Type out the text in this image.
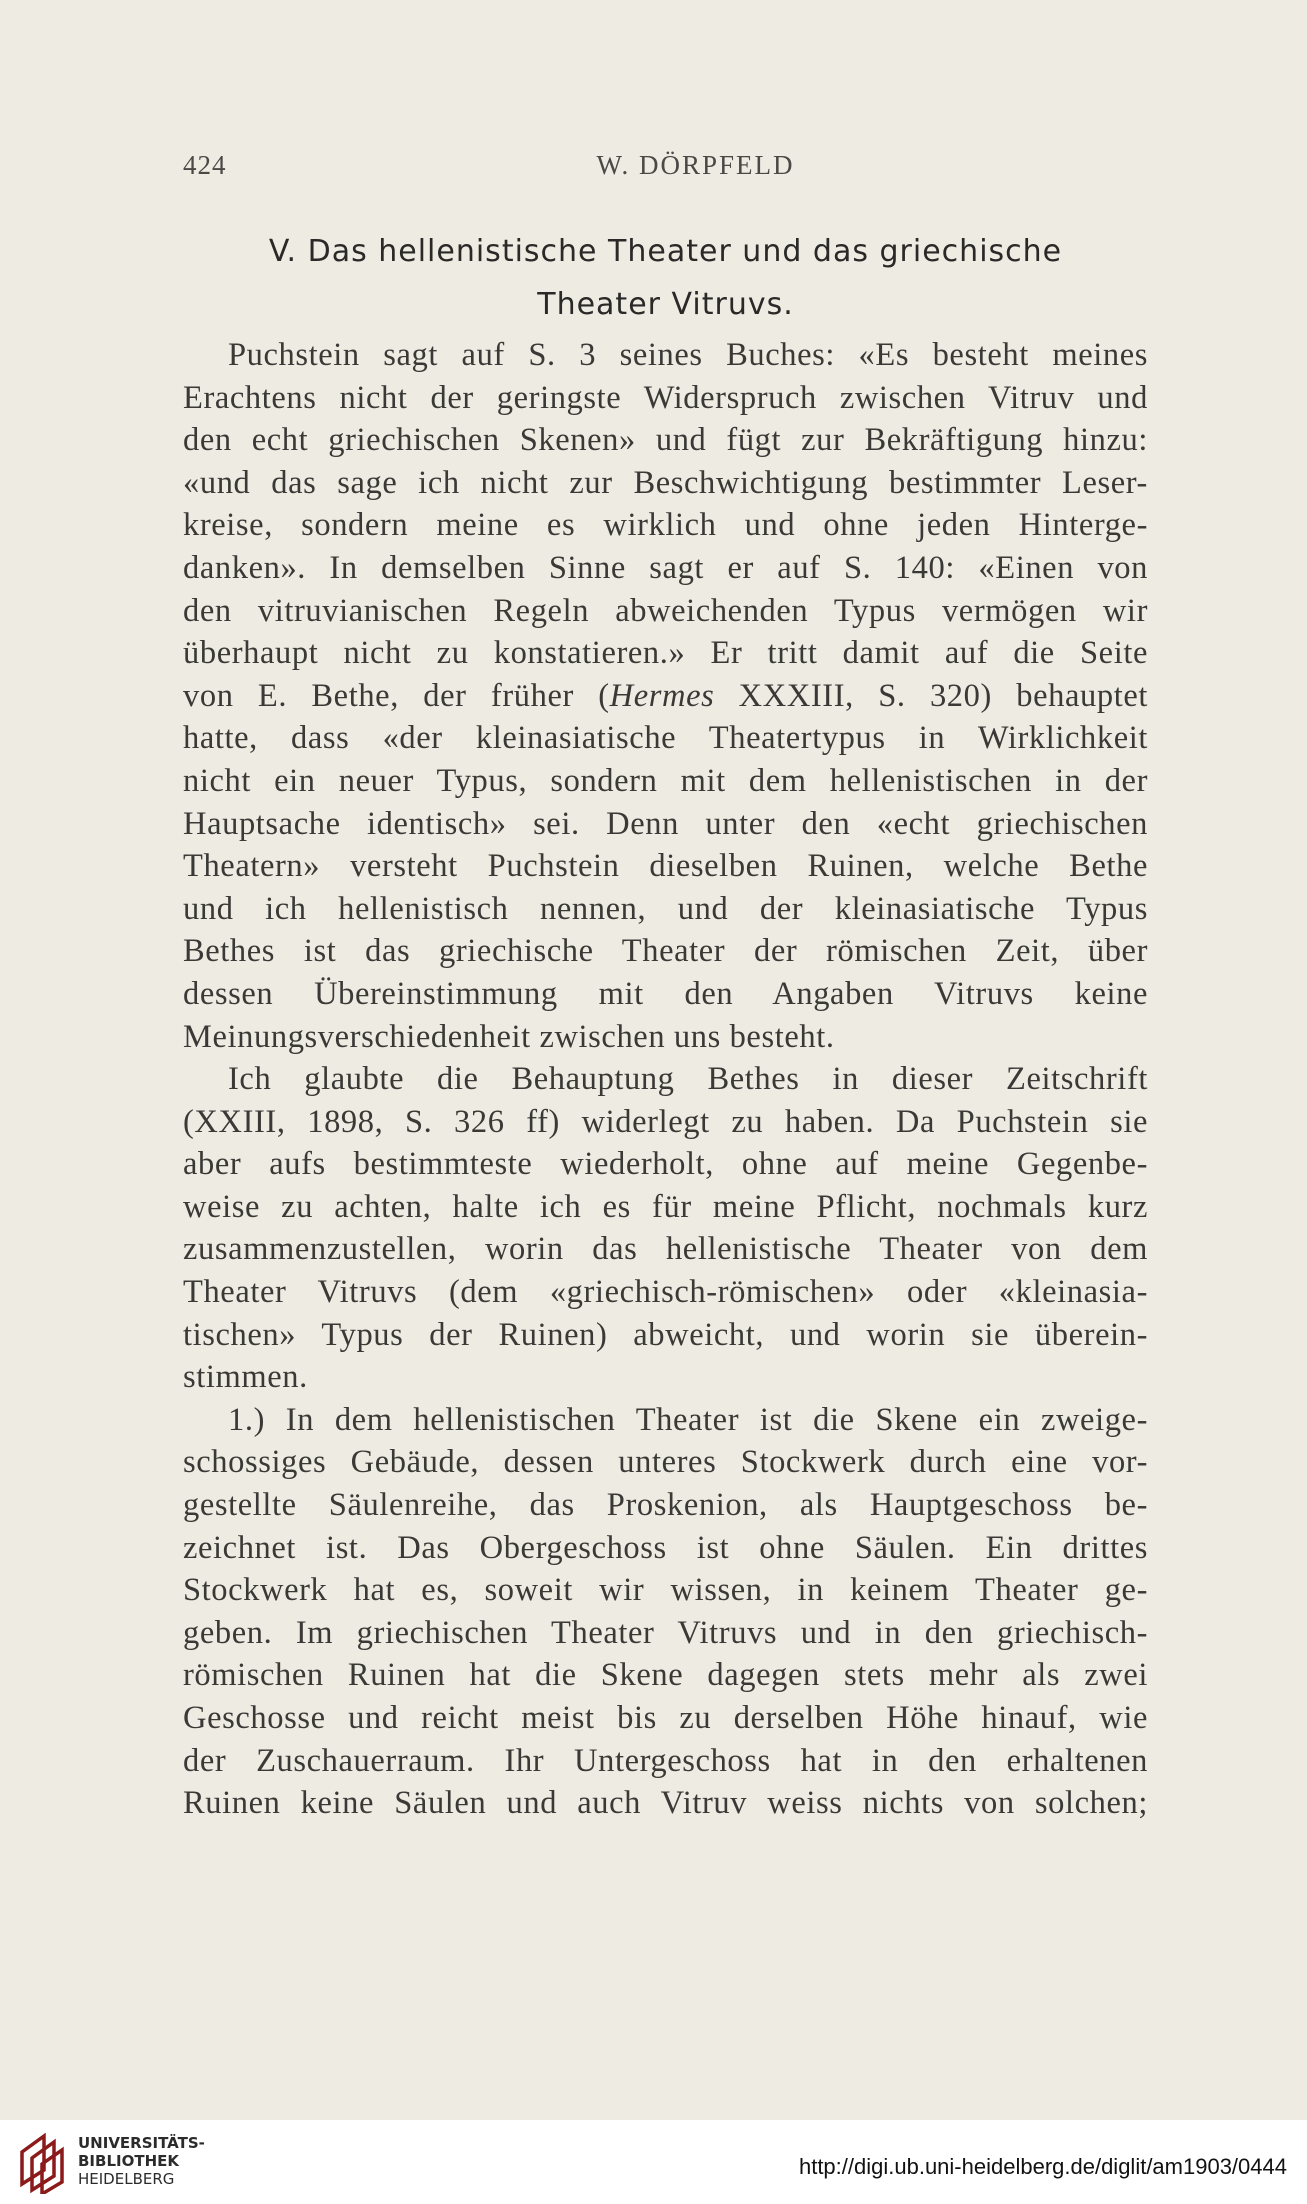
424	W. DÖRPFELD
V. Das hellenistische Theater und das griechische
Theater Vitruvs.
Puchstein sagt auf S. 3 seines Buches: «Es besteht meines
Erachtens nicht der geringste Widerspruch zwischen Vitruv und
den echt griechischen Skenen» und fügt zur Bekräftigung hinzu:
«und das sage ich nicht zur Beschwichtigung bestimmter Leser-
kreise, sondern meine es wirklich und ohne jeden Hinterge-
danken». In demselben Sinne sagt er auf S. 140: «Einen von
den vitruvianischen Regeln abweichenden Typus vermögen wir
überhaupt nicht zu konstatieren.» Er tritt damit auf die Seite
von E. Bethe, der früher (Hermes XXXIII, S. 320) behauptet
hatte, dass «der kleinasiatische Theatertypus in Wirklichkeit
nicht ein neuer Typus, sondern mit dem hellenistischen in der
Hauptsache identisch» sei. Denn unter den «echt griechischen
Theatern» versteht Puchstein dieselben Ruinen, welche Bethe
und ich hellenistisch nennen, und der kleinasiatische Typus
Bethes ist das griechische Theater der römischen Zeit, über
dessen Übereinstimmung mit den Angaben Vitruvs keine
Meinungsverschiedenheit zwischen uns besteht.
Ich glaubte die Behauptung Bethes in dieser Zeitschrift
(XXIII, 1898, S. 326 ff) widerlegt zu haben. Da Puchstein sie
aber aufs bestimmteste wiederholt, ohne auf meine Gegenbe-
weise zu achten, halte ich es für meine Pflicht, nochmals kurz
zusammenzustellen, worin das hellenistische Theater von dem
Theater Vitruvs (dem «griechisch-römischen» oder «kleinasia-
tischen» Typus der Ruinen) abweicht, und worin sie überein-
stimmen.
1.) In dem hellenistischen Theater ist die Skene ein zweige-
schossiges Gebäude, dessen unteres Stockwerk durch eine vor-
gestellte Säulenreihe, das Proskenion, als Hauptgeschoss be-
zeichnet ist. Das Obergeschoss ist ohne Säulen. Ein drittes
Stockwerk hat es, soweit wir wissen, in keinem Theater ge-
geben. Im griechischen Theater Vitruvs und in den griechisch-
römischen Ruinen hat die Skene dagegen stets mehr als zwei
Geschosse und reicht meist bis zu derselben Höhe hinauf, wie
der Zuschauerraum. Ihr Untergeschoss hat in den erhaltenen
Ruinen keine Säulen und auch Vitruv weiss nichts von solchen;
UNIVERSITÄTS-
BIBLIOTHEK
HEIDELBERG	http://digi.ub.uni-heidelberg.de/diglit/am1903/0444
